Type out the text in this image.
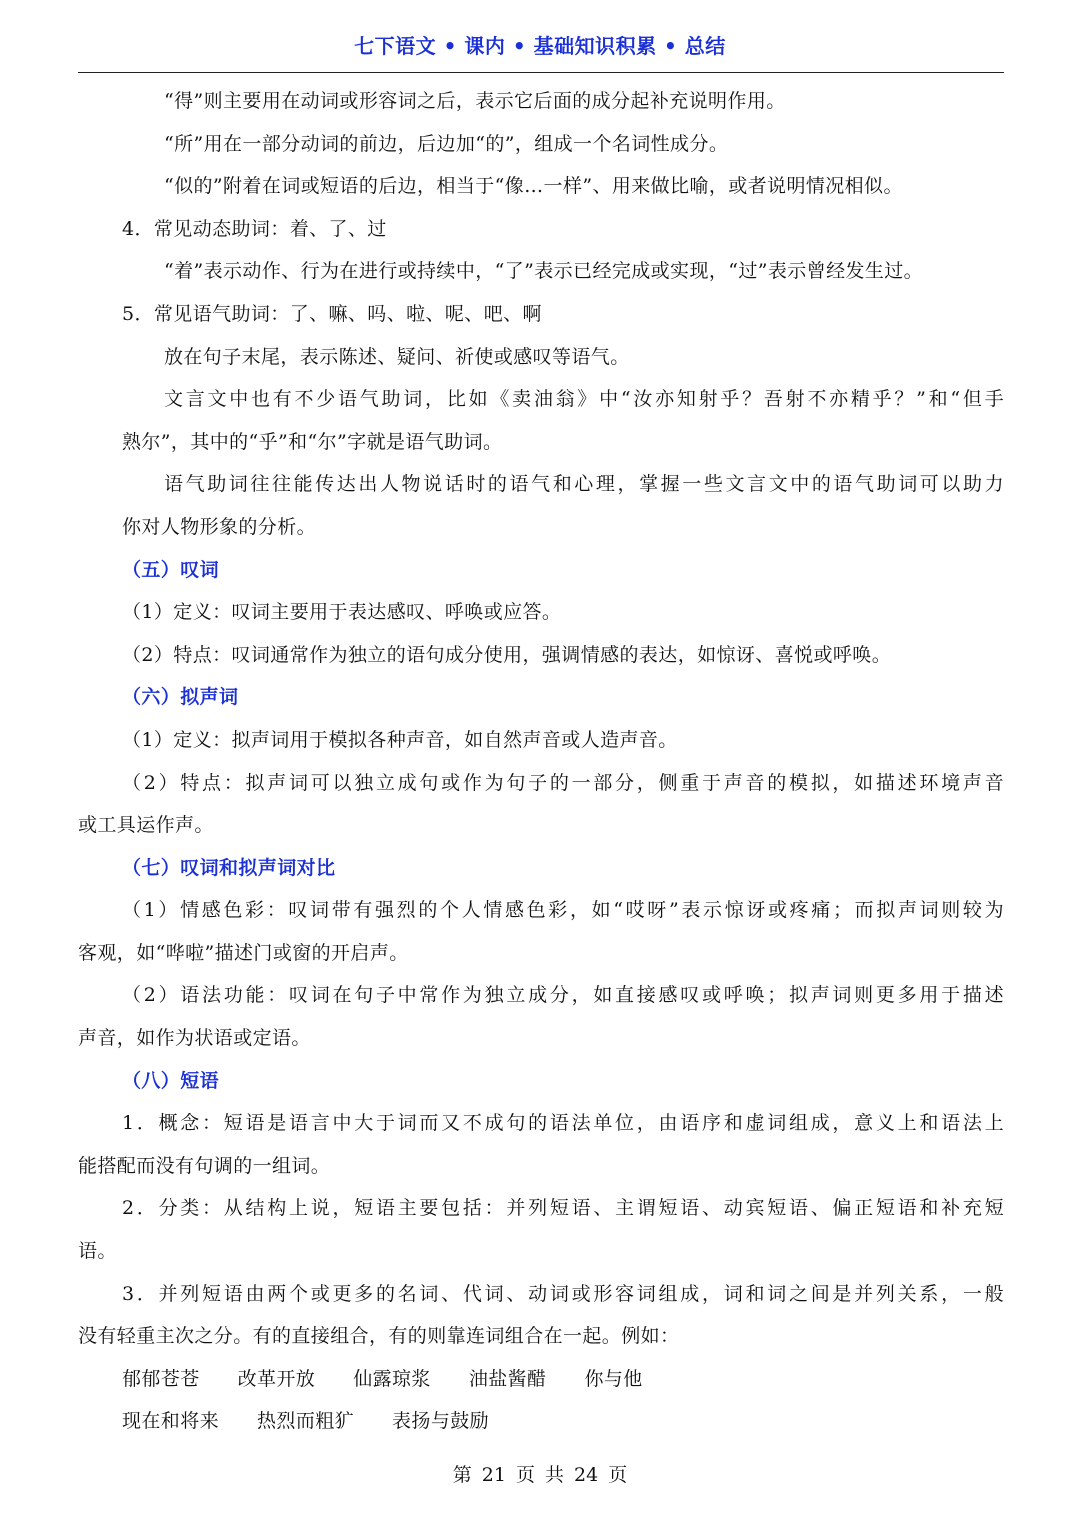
七下语文 • 课内 • 基础知识积累 • 总结
“得”则主要用在动词或形容词之后，表示它后面的成分起补充说明作用。
“所”用在一部分动词的前边，后边加“的”，组成一个名词性成分。
“似的”附着在词或短语的后边，相当于“像…一样”、用来做比喻，或者说明情况相似。
4．常见动态助词：着、了、过
“着”表示动作、行为在进行或持续中，“了”表示已经完成或实现，“过”表示曾经发生过。
5．常见语气助词：了、嘛、吗、啦、呢、吧、啊
放在句子末尾，表示陈述、疑问、祈使或感叹等语气。
文言文中也有不少语气助词，比如《卖油翁》中“汝亦知射乎？吾射不亦精乎？”和“但手
熟尔”，其中的“乎”和“尔”字就是语气助词。
语气助词往往能传达出人物说话时的语气和心理，掌握一些文言文中的语气助词可以助力
你对人物形象的分析。
（五）叹词
（1）定义：叹词主要用于表达感叹、呼唤或应答。
（2）特点：叹词通常作为独立的语句成分使用，强调情感的表达，如惊讶、喜悦或呼唤。
（六）拟声词
（1）定义：拟声词用于模拟各种声音，如自然声音或人造声音。
（2）特点：拟声词可以独立成句或作为句子的一部分，侧重于声音的模拟，如描述环境声音
或工具运作声。
（七）叹词和拟声词对比
（1）情感色彩：叹词带有强烈的个人情感色彩，如“哎呀”表示惊讶或疼痛；而拟声词则较为
客观，如“哗啦”描述门或窗的开启声。
（2）语法功能：叹词在句子中常作为独立成分，如直接感叹或呼唤；拟声词则更多用于描述
声音，如作为状语或定语。
（八）短语
1．概念：短语是语言中大于词而又不成句的语法单位，由语序和虚词组成，意义上和语法上
能搭配而没有句调的一组词。
2．分类：从结构上说，短语主要包括：并列短语、主谓短语、动宾短语、偏正短语和补充短
语。
3．并列短语由两个或更多的名词、代词、动词或形容词组成，词和词之间是并列关系，一般
没有轻重主次之分。有的直接组合，有的则靠连词组合在一起。例如：
郁郁苍苍 改革开放 仙露琼浆 油盐酱醋 你与他
现在和将来 热烈而粗犷 表扬与鼓励
第 21 页 共 24 页
